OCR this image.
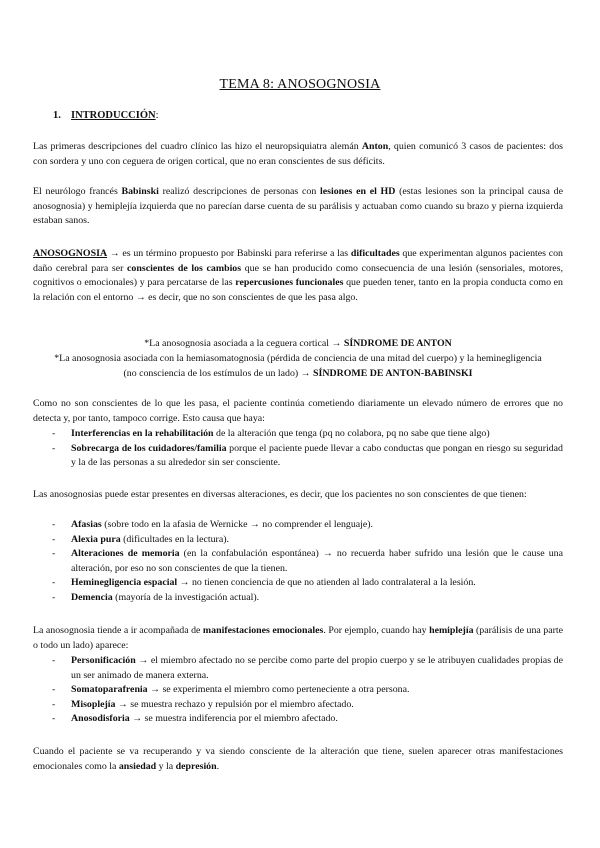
TEMA 8: ANOSOGNOSIA
1. INTRODUCCIÓN:

Las primeras descripciones del cuadro clínico las hizo el neuropsiquiatra alemán Anton, quien comunicó 3 casos de pacientes: dos con sordera y uno con ceguera de origen cortical, que no eran conscientes de sus déficits.

El neurólogo francés Babinski realizó descripciones de personas con lesiones en el HD (estas lesiones son la principal causa de anosognosia) y hemiplejía izquierda que no parecían darse cuenta de su parálisis y actuaban como cuando su brazo y pierna izquierda estaban sanos.

ANOSOGNOSIA → es un término propuesto por Babinski para referirse a las dificultades que experimentan algunos pacientes con daño cerebral para ser conscientes de los cambios que se han producido como consecuencia de una lesión (sensoriales, motores, cognitivos o emocionales) y para percatarse de las repercusiones funcionales que pueden tener, tanto en la propia conducta como en la relación con el entorno → es decir, que no son conscientes de que les pasa algo.

*La anosognosia asociada a la ceguera cortical → SÍNDROME DE ANTON

*La anosognosia asociada con la hemiasomatognosia (pérdida de conciencia de una mitad del cuerpo) y la heminegligencia (no consciencia de los estímulos de un lado) → SÍNDROME DE ANTON-BABINSKI

Como no son conscientes de lo que les pasa, el paciente continúa cometiendo diariamente un elevado número de errores que no detecta y, por tanto, tampoco corrige. Esto causa que haya:

- Interferencias en la rehabilitación de la alteración que tenga (pq no colabora, pq no sabe que tiene algo)
- Sobrecarga de los cuidadores/familia porque el paciente puede llevar a cabo conductas que pongan en riesgo su seguridad y la de las personas a su alrededor sin ser consciente.

Las anosognosias puede estar presentes en diversas alteraciones, es decir, que los pacientes no son conscientes de que tienen:

- Afasias (sobre todo en la afasia de Wernicke → no comprender el lenguaje).
- Alexia pura (dificultades en la lectura).
- Alteraciones de memoria (en la confabulación espontánea) → no recuerda haber sufrido una lesión que le cause una alteración, por eso no son conscientes de que la tienen.
- Heminegligencia espacial → no tienen conciencia de que no atienden al lado contralateral a la lesión.
- Demencia (mayoría de la investigación actual).

La anosognosia tiende a ir acompañada de manifestaciones emocionales. Por ejemplo, cuando hay hemiplejía (parálisis de una parte o todo un lado) aparece:

- Personificación → el miembro afectado no se percibe como parte del propio cuerpo y se le atribuyen cualidades propias de un ser animado de manera externa.
- Somatoparafrenia → se experimenta el miembro como perteneciente a otra persona.
- Misoplejía → se muestra rechazo y repulsión por el miembro afectado.
- Anosodisforia → se muestra indiferencia por el miembro afectado.

Cuando el paciente se va recuperando y va siendo consciente de la alteración que tiene, suelen aparecer otras manifestaciones emocionales como la ansiedad y la depresión.
